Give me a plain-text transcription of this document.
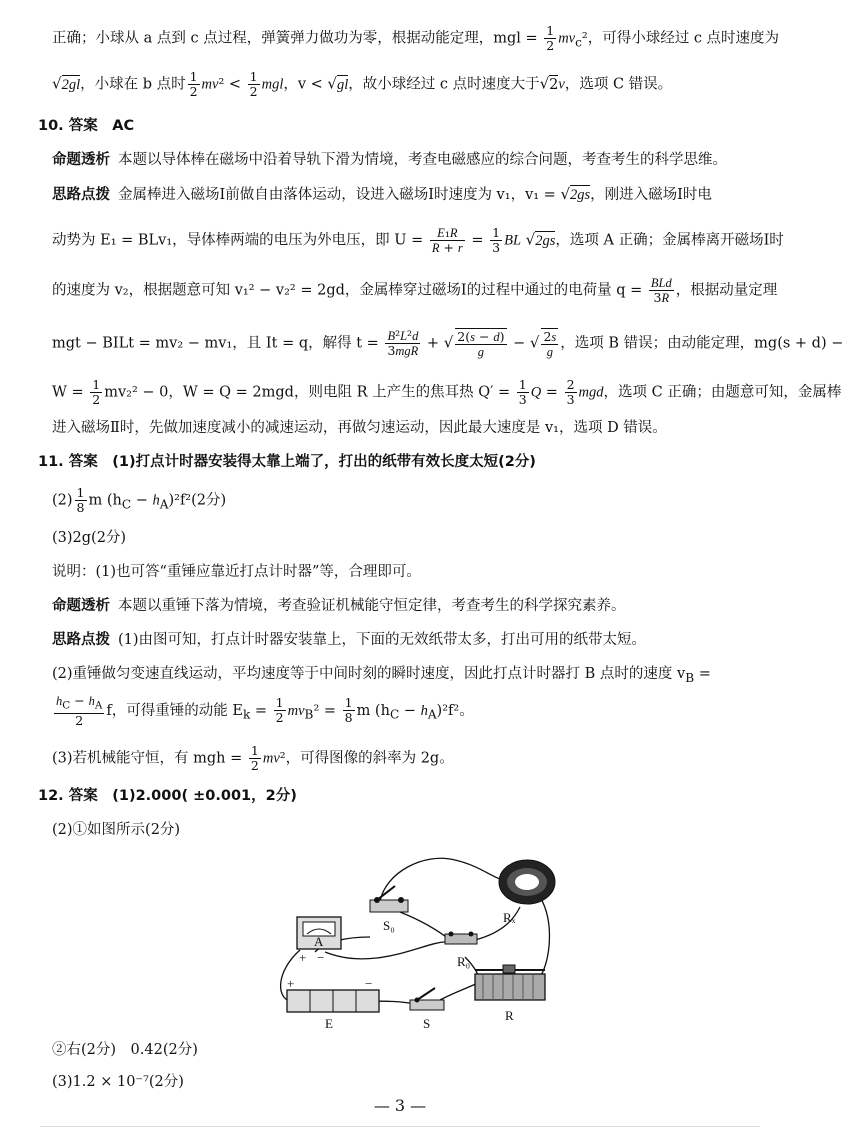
正确；小球从 a 点到 c 点过程，弹簧弹力做功为零，根据动能定理，mgl = $\frac{1}{2} mv_c^2$，可得小球经过 c 点时速度为
√2gl，小球在 b 点时 $\frac{1}{2} mv^2 < \frac{1}{2}$ mgl，v < √gl，故小球经过 c 点时速度大于√2v，选项 C 错误。
10. 答案　AC
命题透析 本题以导体棒在磁场中沿着导轨下滑为情境，考查电磁感应的综合问题，考查考生的科学思维。
思路点拨 金属棒进入磁场Ⅰ前做自由落体运动，设进入磁场Ⅰ时速度为 v₁，v₁ = √2gs，刚进入磁场Ⅰ时电
动势为 E₁ = BLv₁，导体棒两端的电压为外电压，即 $U = \frac{\text{E₁R}}{R + r} = \frac{1}{3}$ BL √2gs，选项 A 正确；金属棒离开磁场Ⅰ时
的速度为 v₂，根据题意可知 v₁² − v₂² = 2gd，金属棒穿过磁场Ⅰ的过程中通过的电荷量 $q = \frac{\text{BLd}}{3R}$ ，根据动量定理
mgt − BILt = mv₂ − mv₁，且 It = q，解得 $t = \frac{\text{B²L²d}}{\text{3mgR}}$ + √ $\frac{2(s - d)}{g}$ − √ $\frac{2s}{g}$ ，选项 B 错误；由动能定理，mg(s + d) −
$W = \frac{1}{2} mv_2^2 - 0$，W = Q = 2mgd，则电阻 R 上产生的焦耳热 $Q' = \frac{1}{3}$ $Q = \frac{2}{3}$ mgd，选项 C 正确；由题意可知，金属棒
进入磁场Ⅱ时，先做加速度减小的减速运动，再做匀速运动，因此最大速度是 v₁，选项 D 错误。
11. 答案　(1)打点计时器安装得太靠上端了，打出的纸带有效长度太短(2分)
$(2) \frac{1}{8}$ m $(h_C - h_A)^2f^2(2$分)
(3)2g(2分)
说明：(1)也可答“重锤应靠近打点计时器”等，合理即可。
命题透析 本题以重锤下落为情境，考查验证机械能守恒定律，考查考生的科学探究素养。
思路点拨 (1)由图可知，打点计时器安装靠上，下面的无效纸带太多，打出可用的纸带太短。
(2)重锤做匀变速直线运动，平均速度等于中间时刻的瞬时速度，因此打点计时器打 B 点时的速度 $v_B$ =
$\frac{h_C - h_A}{2}$ f，可得重锤的动能 $E_k = \frac{1}{2} mv_B^2 = \frac{1}{8}$ m $(h_C - h_A)^2f^2$。
(3)若机械能守恒，有 mgh = $\frac{1}{2} mv^2$，可得图像的斜率为 2g。
12. 答案　(1)2.000( ±0.001，2分)
(2)①如图所示(2分)
A
+ −
S₀
Rₓ
R₀
+	−
E	S
R
②右(2分)　0.42(2分)
(3)1.2 × 10⁻⁷(2分)
— 3 —
